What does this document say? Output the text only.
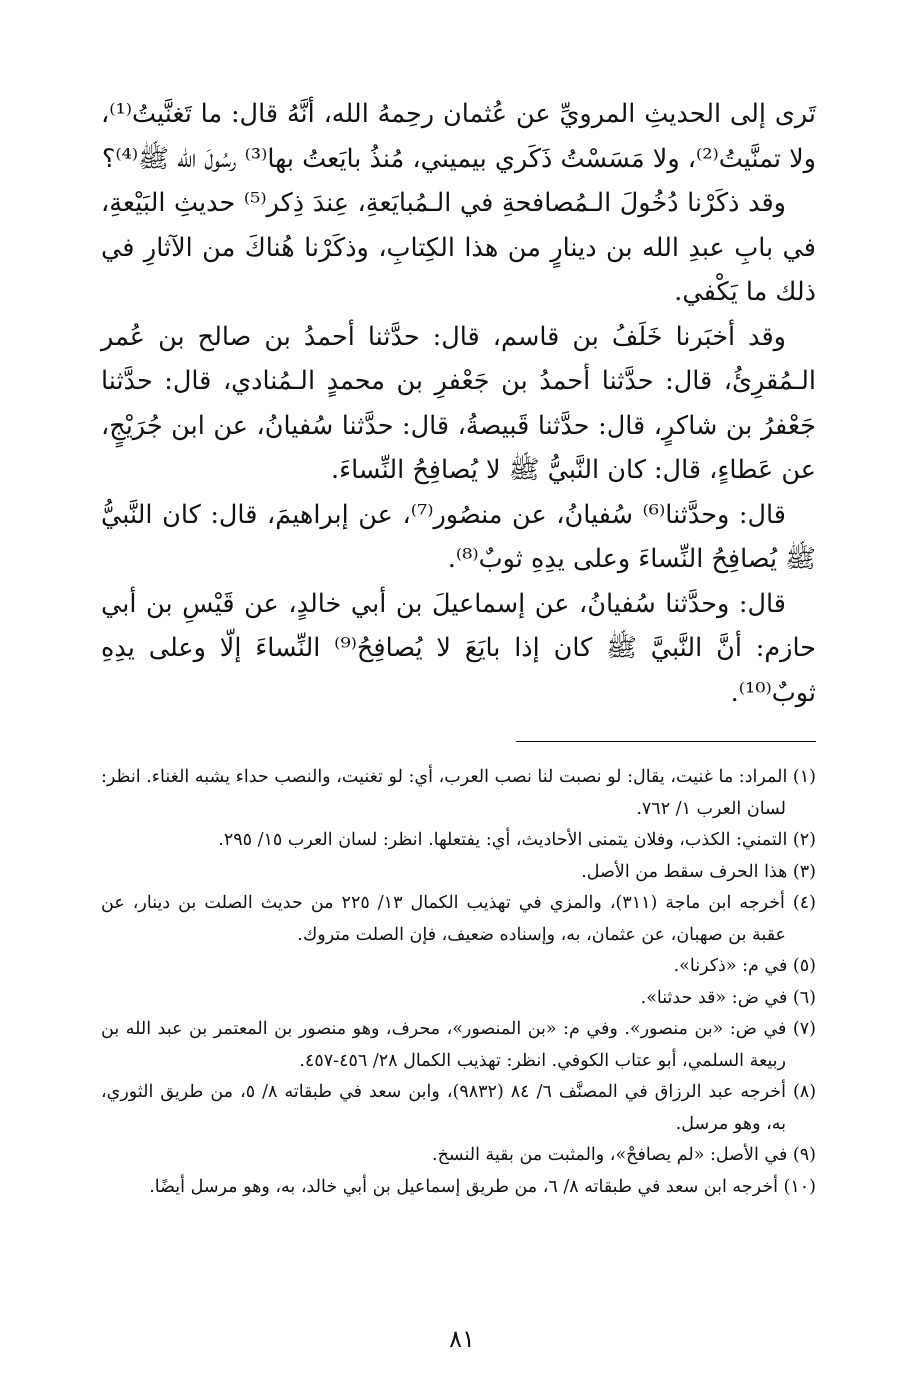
تَرى إلى الحديثِ المرويِّ عن عُثمان رحِمهُ الله، أنَّهُ قال: ما تَغنَّيتُ⁽¹⁾، ولا تمنَّيتُ⁽²⁾، ولا مَسَسْتُ ذَكَري بيميني، مُنذُ بايَعتُ بها⁽³⁾ رسُولَ الله ﷺ⁽⁴⁾؟

وقد ذكَرْنا دُخُولَ الـمُصافحةِ في الـمُبايَعةِ، عِندَ ذِكر⁽⁵⁾ حديثِ البَيْعةِ، في بابِ عبدِ الله بن دينارٍ من هذا الكِتابِ، وذكَرْنا هُناكَ من الآثارِ في ذلك ما يَكْفي.

وقد أخبَرنا خَلَفُ بن قاسم، قال: حدَّثنا أحمدُ بن صالح بن عُمر الـمُقرِئُ، قال: حدَّثنا أحمدُ بن جَعْفرِ بن محمدٍ الـمُنادي، قال: حدَّثنا جَعْفرُ بن شاكرٍ، قال: حدَّثنا قَبيصةُ، قال: حدَّثنا سُفيانُ، عن ابن جُرَيْجٍ، عن عَطاءٍ، قال: كان النَّبيُّ ﷺ لا يُصافِحُ النِّساءَ.

قال: وحدَّثنا⁽⁶⁾ سُفيانُ، عن منصُور⁽⁷⁾، عن إبراهيمَ، قال: كان النَّبيُّ ﷺ يُصافِحُ النِّساءَ وعلى يدِهِ ثوبٌ⁽⁸⁾.

قال: وحدَّثنا سُفيانُ، عن إسماعيلَ بن أبي خالدٍ، عن قَيْسِ بن أبي حازم: أنَّ النَّبيَّ ﷺ كان إذا بايَعَ لا يُصافِحُ⁽⁹⁾ النِّساءَ إلّا وعلى يدِهِ ثوبٌ⁽¹⁰⁾.

(١) المراد: ما غنيت، يقال: لو نصبت لنا نصب العرب، أي: لو تغنيت، والنصب حداء يشبه الغناء. انظر: لسان العرب ١/ ٧٦٢.
(٢) التمني: الكذب، وفلان يتمنى الأحاديث، أي: يفتعلها. انظر: لسان العرب ١٥/ ٢٩٥.
(٣) هذا الحرف سقط من الأصل.
(٤) أخرجه ابن ماجة (٣١١)، والمزي في تهذيب الكمال ١٣/ ٢٢٥ من حديث الصلت بن دينار، عن عقبة بن صهبان، عن عثمان، به، وإسناده ضعيف، فإن الصلت متروك.
(٥) في م: «ذكرنا».
(٦) في ض: «قد حدثنا».
(٧) في ض: «بن منصور». وفي م: «بن المنصور»، محرف، وهو منصور بن المعتمر بن عبد الله بن ربيعة السلمي، أبو عتاب الكوفي. انظر: تهذيب الكمال ٢٨/ ٤٥٦-٤٥٧.
(٨) أخرجه عبد الرزاق في المصنَّف ٦/ ٨٤ (٩٨٣٢)، وابن سعد في طبقاته ٨/ ٥، من طريق الثوري، به، وهو مرسل.
(٩) في الأصل: «لم يصافحْ»، والمثبت من بقية النسخ.
(١٠) أخرجه ابن سعد في طبقاته ٨/ ٦، من طريق إسماعيل بن أبي خالد، به، وهو مرسل أيضًا.
٨١
